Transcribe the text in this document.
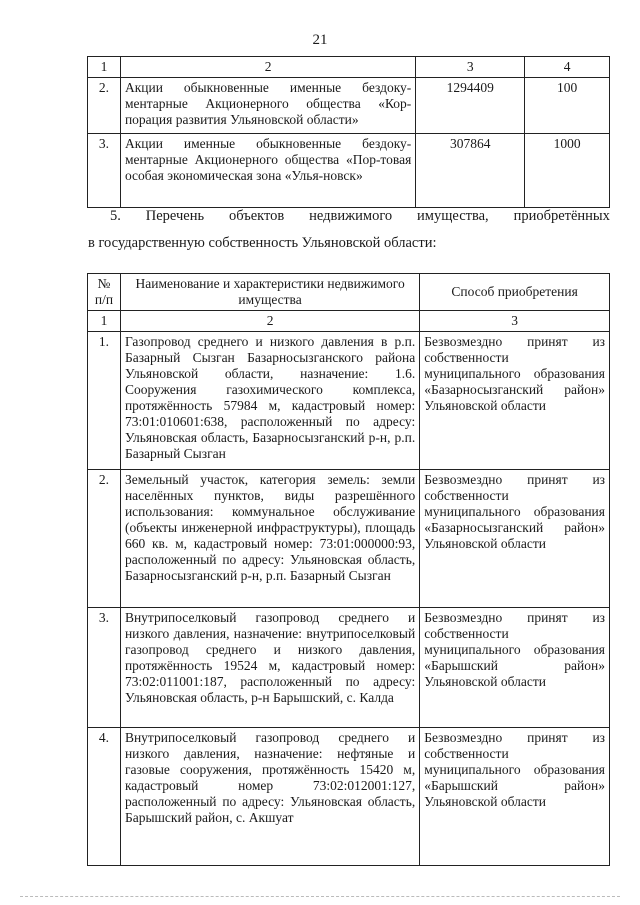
21
1	2	3	4
2.	Акции обыкновенные именные бездоку-ментарные Акционерного общества «Кор-порация развития Ульяновской области»	1294409	100
3.	Акции именные обыкновенные бездоку-ментарные Акционерного общества «Пор-товая особая экономическая зона «Улья-новск»	307864	1000
5. Перечень объектов недвижимого имущества, приобретённых
в государственную собственность Ульяновской области:
№ п/п	Наименование и характеристики недвижимого имущества	Способ приобретения
1	2	3
1.	Газопровод среднего и низкого давления в р.п. Базарный Сызган Базарносызганского района Ульяновской области, назначение: 1.6. Сооружения газохимического комплекса, протяжённость 57984 м, кадастровый номер: 73:01:010601:638, расположенный по адресу: Ульяновская область, Базарносызганский р-н, р.п. Базарный Сызган	Безвозмездно принят из собственности муниципального образования «Базарносызганский район» Ульяновской области
2.	Земельный участок, категория земель: земли населённых пунктов, виды разрешённого использования: коммунальное обслуживание (объекты инженерной инфраструктуры), площадь 660 кв. м, кадастровый номер: 73:01:000000:93, расположенный по адресу: Ульяновская область, Базарносызганский р-н, р.п. Базарный Сызган	Безвозмездно принят из собственности муниципального образования «Базарносызганский район» Ульяновской области
3.	Внутрипоселковый газопровод среднего и низкого давления, назначение: внутрипоселковый газопровод среднего и низкого давления, протяжённость 19524 м, кадастровый номер: 73:02:011001:187, расположенный по адресу: Ульяновская область, р-н Барышский, с. Калда	Безвозмездно принят из собственности муниципального образования «Барышский район» Ульяновской области
4.	Внутрипоселковый газопровод среднего и низкого давления, назначение: нефтяные и газовые сооружения, протяжённость 15420 м, кадастровый номер 73:02:012001:127, расположенный по адресу: Ульяновская область, Барышский район, с. Акшуат	Безвозмездно принят из собственности муниципального образования «Барышский район» Ульяновской области
